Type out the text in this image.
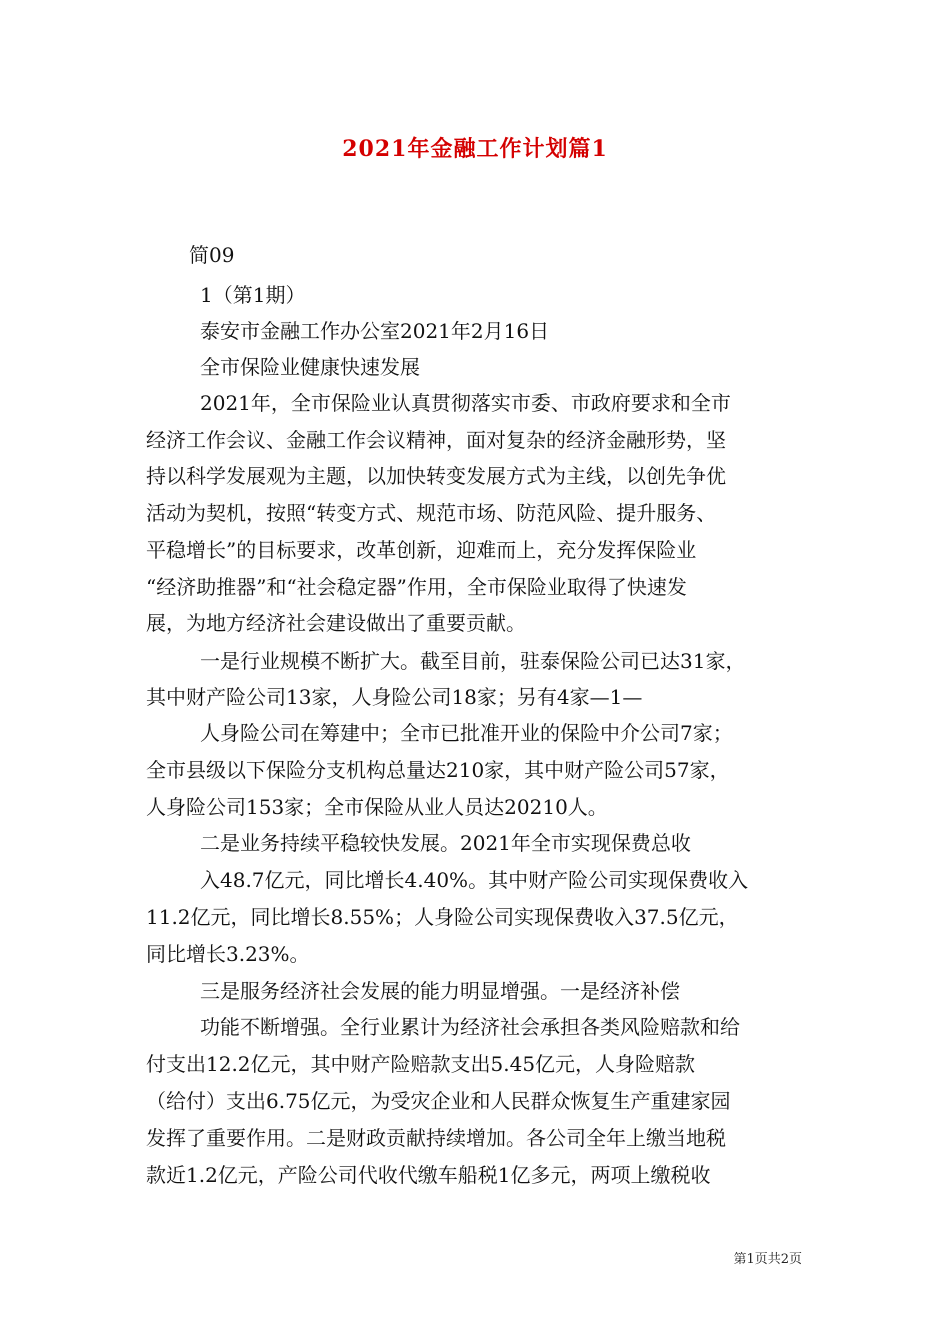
2021年金融工作计划篇1
简09
1（第1期）
泰安市金融工作办公室2021年2月16日
全市保险业健康快速发展
2021年，全市保险业认真贯彻落实市委、市政府要求和全市
经济工作会议、金融工作会议精神，面对复杂的经济金融形势，坚
持以科学发展观为主题，以加快转变发展方式为主线，以创先争优
活动为契机，按照“转变方式、规范市场、防范风险、提升服务、
平稳增长”的目标要求，改革创新，迎难而上，充分发挥保险业
“经济助推器”和“社会稳定器”作用，全市保险业取得了快速发
展，为地方经济社会建设做出了重要贡献。
一是行业规模不断扩大。截至目前，驻泰保险公司已达31家，
其中财产险公司13家，人身险公司18家；另有4家—1—
人身险公司在筹建中；全市已批准开业的保险中介公司7家；
全市县级以下保险分支机构总量达210家，其中财产险公司57家，
人身险公司153家；全市保险从业人员达20210人。
二是业务持续平稳较快发展。2021年全市实现保费总收
入48.7亿元，同比增长4.40%。其中财产险公司实现保费收入
11.2亿元，同比增长8.55%；人身险公司实现保费收入37.5亿元，
同比增长3.23%。
三是服务经济社会发展的能力明显增强。一是经济补偿
功能不断增强。全行业累计为经济社会承担各类风险赔款和给
付支出12.2亿元，其中财产险赔款支出5.45亿元，人身险赔款
（给付）支出6.75亿元，为受灾企业和人民群众恢复生产重建家园
发挥了重要作用。二是财政贡献持续增加。各公司全年上缴当地税
款近1.2亿元，产险公司代收代缴车船税1亿多元，两项上缴税收
第1页共2页
